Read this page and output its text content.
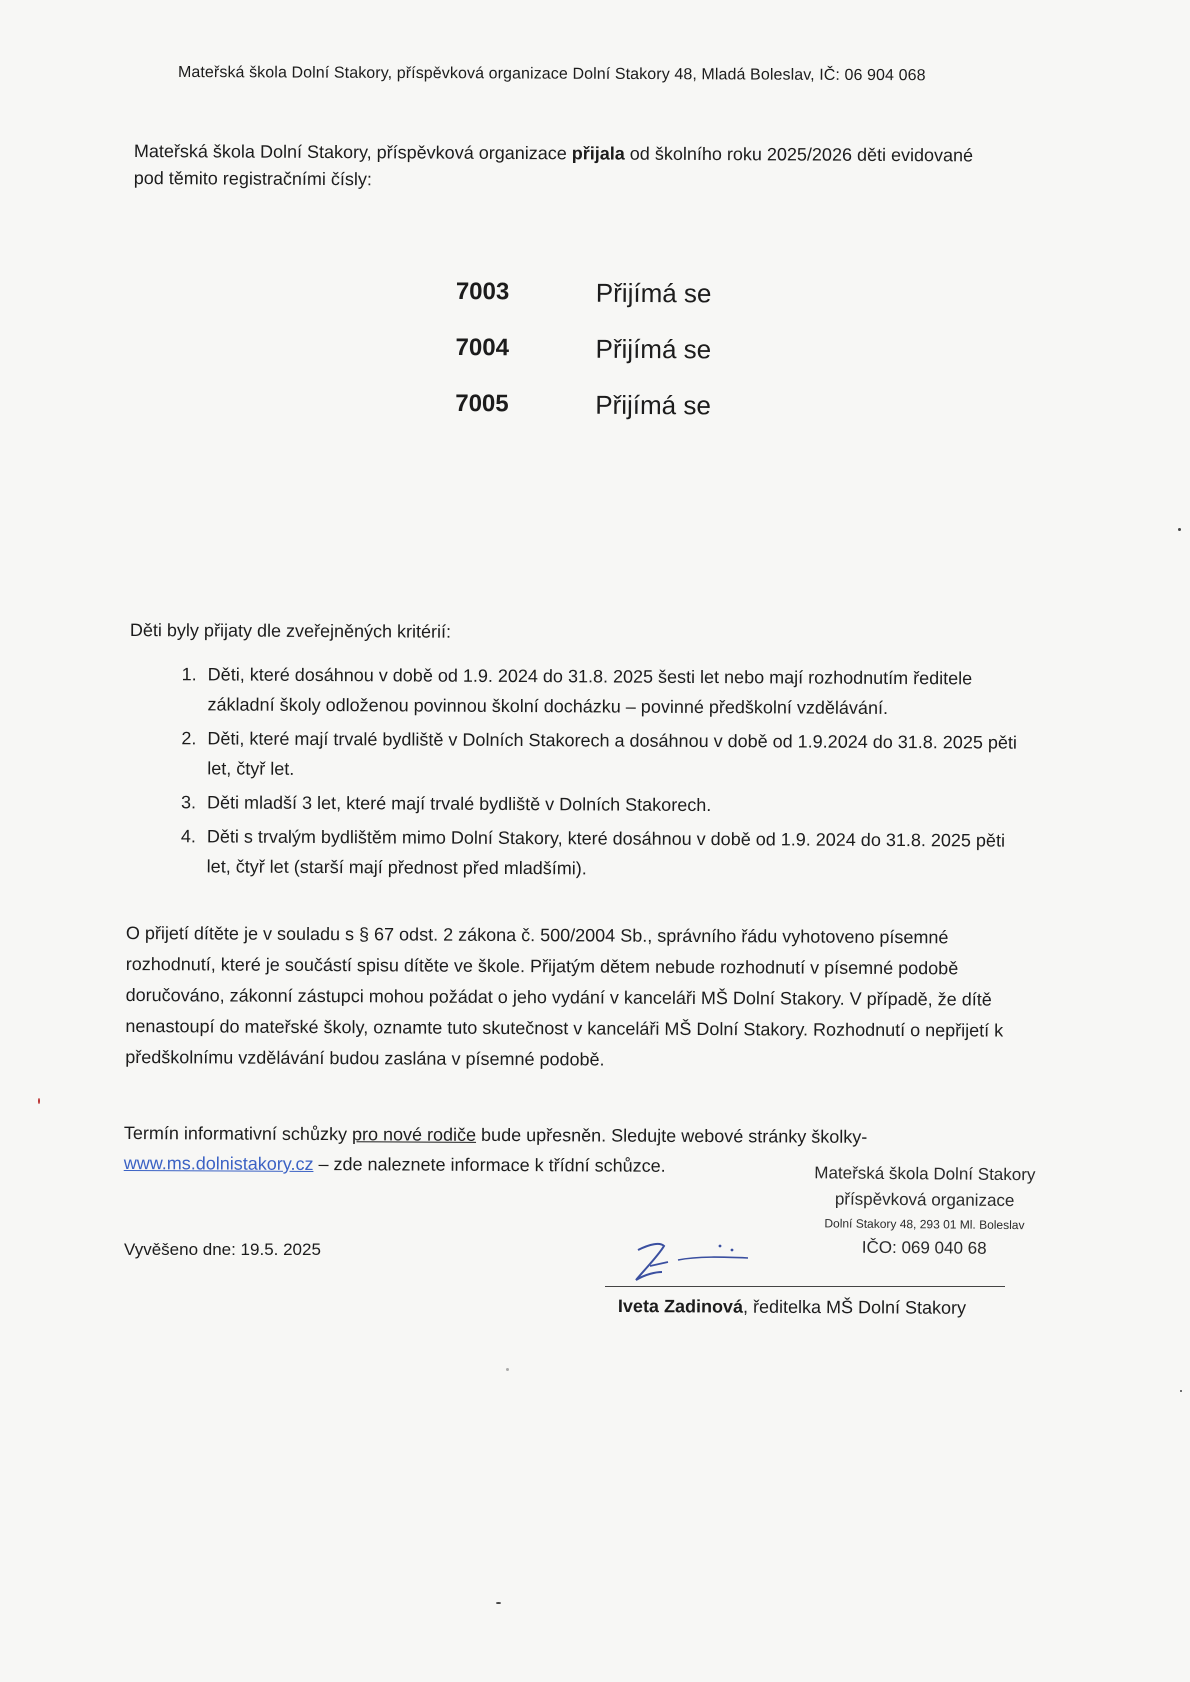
Mateřská škola Dolní Stakory, příspěvková organizace Dolní Stakory 48, Mladá Boleslav, IČ: 06 904 068
Mateřská škola Dolní Stakory, příspěvková organizace přijala od školního roku 2025/2026 děti evidované pod těmito registračními čísly:
7003	Přijímá se
7004	Přijímá se
7005	Přijímá se
Děti byly přijaty dle zveřejněných kritérií:
1. Děti, které dosáhnou v době od 1.9. 2024 do 31.8. 2025 šesti let nebo mají rozhodnutím ředitele základní školy odloženou povinnou školní docházku – povinné předškolní vzdělávání.
2. Děti, které mají trvalé bydliště v Dolních Stakorech a dosáhnou v době od 1.9.2024 do 31.8. 2025 pěti let, čtyř let.
3. Děti mladší 3 let, které mají trvalé bydliště v Dolních Stakorech.
4. Děti s trvalým bydlištěm mimo Dolní Stakory, které dosáhnou v době od 1.9. 2024 do 31.8. 2025 pěti let, čtyř let (starší mají přednost před mladšími).
O přijetí dítěte je v souladu s § 67 odst. 2 zákona č. 500/2004 Sb., správního řádu vyhotoveno písemné rozhodnutí, které je součástí spisu dítěte ve škole. Přijatým dětem nebude rozhodnutí v písemné podobě doručováno, zákonní zástupci mohou požádat o jeho vydání v kanceláři MŠ Dolní Stakory. V případě, že dítě nenastoupí do mateřské školy, oznamte tuto skutečnost v kanceláři MŠ Dolní Stakory. Rozhodnutí o nepřijetí k předškolnímu vzdělávání budou zaslána v písemné podobě.
Termín informativní schůzky pro nové rodiče bude upřesněn. Sledujte webové stránky školky-
www.ms.dolnistakory.cz – zde naleznete informace k třídní schůzce.	Mateřská škola Dolní Stakory
příspěvková organizace
Dolní Stakory 48, 293 01 Ml. Boleslav
IČO: 069 040 68
Vyvěšeno dne: 19.5. 2025
Iveta Zadinová, ředitelka MŠ Dolní Stakory
